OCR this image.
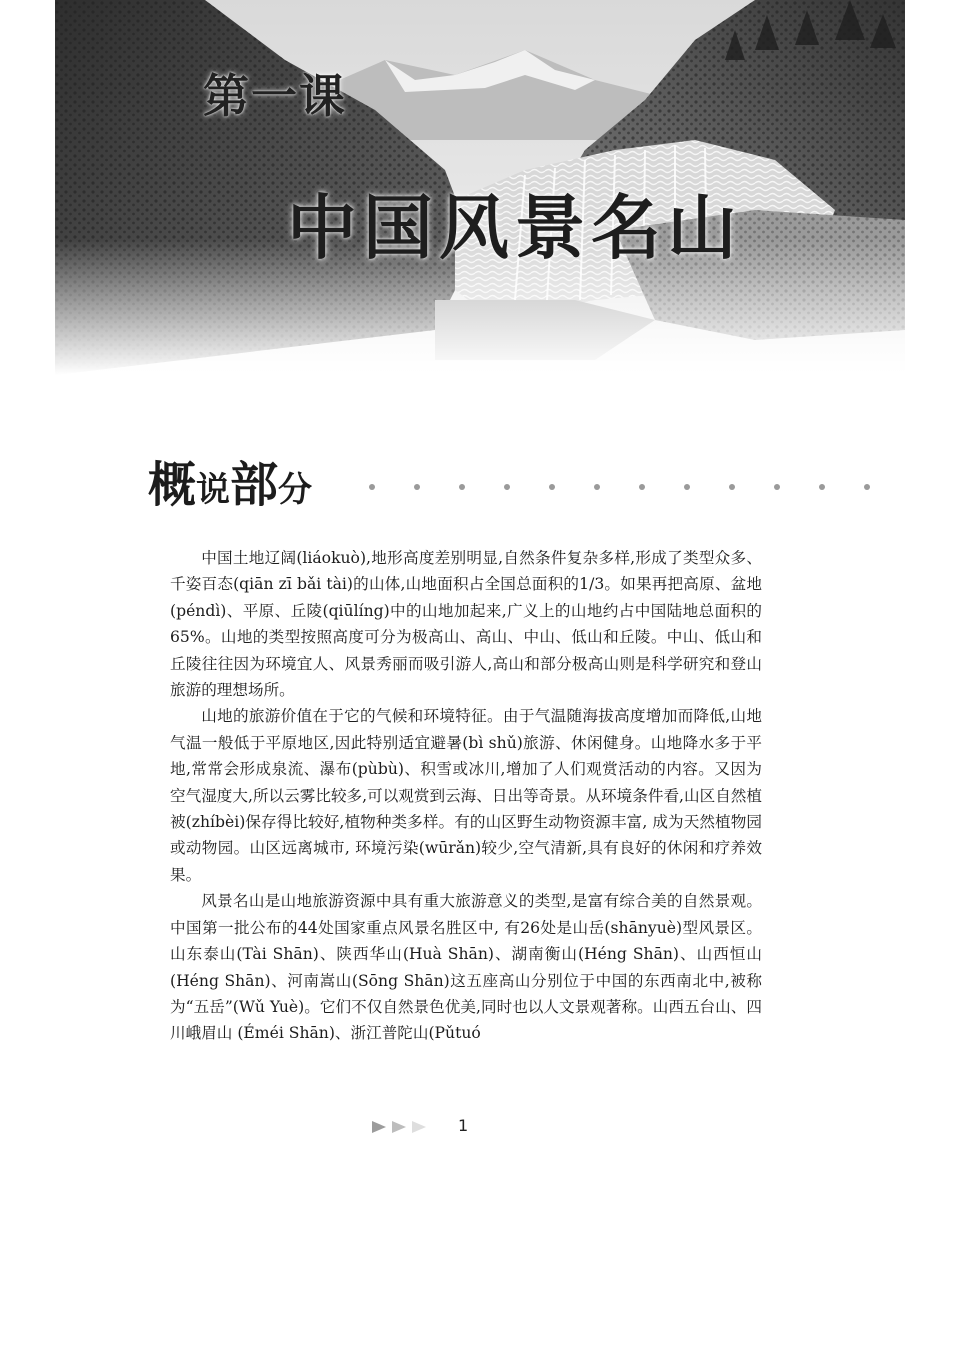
第一课
中国风景名山
概说部分

中国土地辽阔(liáokuò),地形高度差别明显,自然条件复杂多样,形成了类型众多、千姿百态(qiān zī bǎi tài)的山体,山地面积占全国总面积的1/3。如果再把高原、盆地(péndì)、平原、丘陵(qiūlíng)中的山地加起来,广义上的山地约占中国陆地总面积的65%。山地的类型按照高度可分为极高山、高山、中山、低山和丘陵。中山、低山和丘陵往往因为环境宜人、风景秀丽而吸引游人,高山和部分极高山则是科学研究和登山旅游的理想场所。

山地的旅游价值在于它的气候和环境特征。由于气温随海拔高度增加而降低,山地气温一般低于平原地区,因此特别适宜避暑(bì shǔ)旅游、休闲健身。山地降水多于平地,常常会形成泉流、瀑布(pùbù)、积雪或冰川,增加了人们观赏活动的内容。又因为空气湿度大,所以云雾比较多,可以观赏到云海、日出等奇景。从环境条件看,山区自然植被(zhíbèi)保存得比较好,植物种类多样。有的山区野生动物资源丰富, 成为天然植物园或动物园。山区远离城市, 环境污染(wūrǎn)较少,空气清新,具有良好的休闲和疗养效果。

风景名山是山地旅游资源中具有重大旅游意义的类型,是富有综合美的自然景观。中国第一批公布的44处国家重点风景名胜区中, 有26处是山岳(shānyuè)型风景区。山东泰山(Tài Shān)、陕西华山(Huà Shān)、湖南衡山(Héng Shān)、山西恒山(Héng Shān)、河南嵩山(Sōng Shān)这五座高山分别位于中国的东西南北中,被称为“五岳”(Wǔ Yuè)。它们不仅自然景色优美,同时也以人文景观著称。山西五台山、四川峨眉山 (Éméi Shān)、浙江普陀山(Pǔtuó

1
